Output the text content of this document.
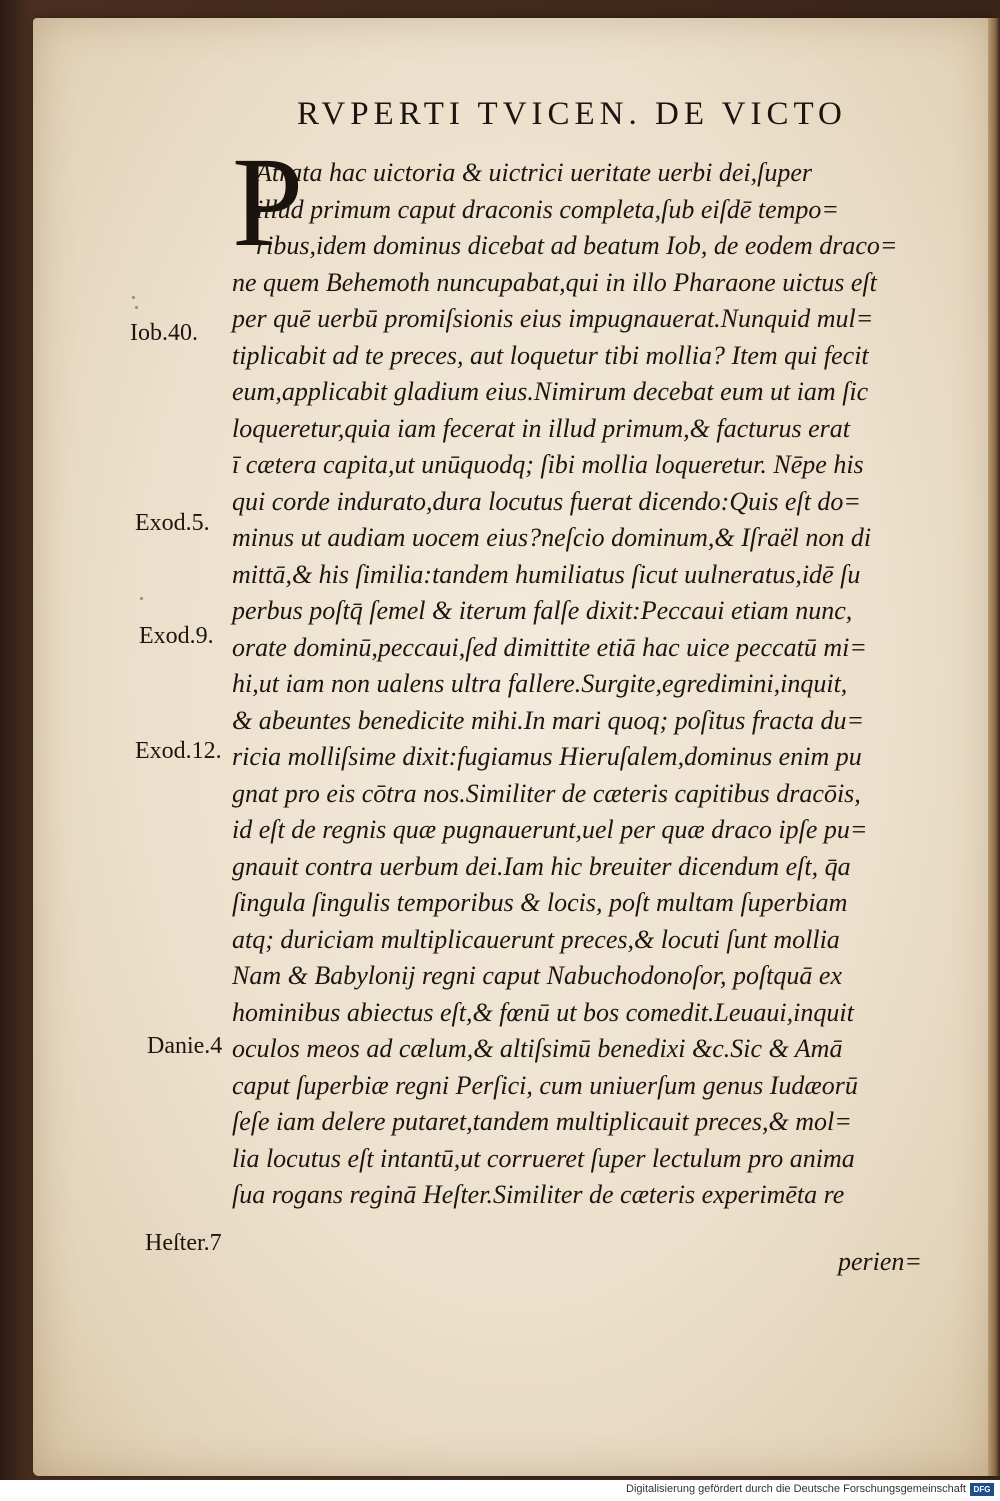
RVPERTI TVICEN. DE VICTO
P
Atrata hac uictoria & uictrici ueritate uerbi dei,ſuper
illud primum caput draconis completa,ſub eiſdē tempo=
ribus,idem dominus dicebat ad beatum Iob, de eodem draco=
ne quem Behemoth nuncupabat,qui in illo Pharaone uictus eſt
per quē uerbū promiſsionis eius impugnauerat.Nunquid mul=
tiplicabit ad te preces, aut loquetur tibi mollia? Item qui fecit
eum,applicabit gladium eius.Nimirum decebat eum ut iam ſic
loqueretur,quia iam fecerat in illud primum,& facturus erat
ī cætera capita,ut unūquodq; ſibi mollia loqueretur. Nēpe his
qui corde indurato,dura locutus fuerat dicendo:Quis eſt do=
minus ut audiam uocem eius?neſcio dominum,& Iſraël non di
mittā,& his ſimilia:tandem humiliatus ſicut uulneratus,idē ſu
perbus poſtq̄ ſemel & iterum falſe dixit:Peccaui etiam nunc,
orate dominū,peccaui,ſed dimittite etiā hac uice peccatū mi=
hi,ut iam non ualens ultra fallere.Surgite,egredimini,inquit,
& abeuntes benedicite mihi.In mari quoq; poſitus fracta du=
ricia molliſsime dixit:fugiamus Hieruſalem,dominus enim pu
gnat pro eis cōtra nos.Similiter de cæteris capitibus dracōis,
id eſt de regnis quæ pugnauerunt,uel per quæ draco ipſe pu=
gnauit contra uerbum dei.Iam hic breuiter dicendum eſt, q̄a
ſingula ſingulis temporibus & locis, poſt multam ſuperbiam
atq; duriciam multiplicauerunt preces,& locuti ſunt mollia
Nam & Babylonij regni caput Nabuchodonoſor, poſtquā ex
hominibus abiectus eſt,& fœnū ut bos comedit.Leuaui,inquit
oculos meos ad cælum,& altiſsimū benedixi &c.Sic & Amā
caput ſuperbiæ regni Perſici, cum uniuerſum genus Iudæorū
ſeſe iam delere putaret,tandem multiplicauit preces,& mol=
lia locutus eſt intantū,ut corrueret ſuper lectulum pro anima
ſua rogans reginā Heſter.Similiter de cæteris experimēta re
Iob.40.
Exod.5.
Exod.9.
Exod.12.
Danie.4
Heſter.7
perien=
Digitalisierung gefördert durch die Deutsche Forschungsgemeinschaft DFG
